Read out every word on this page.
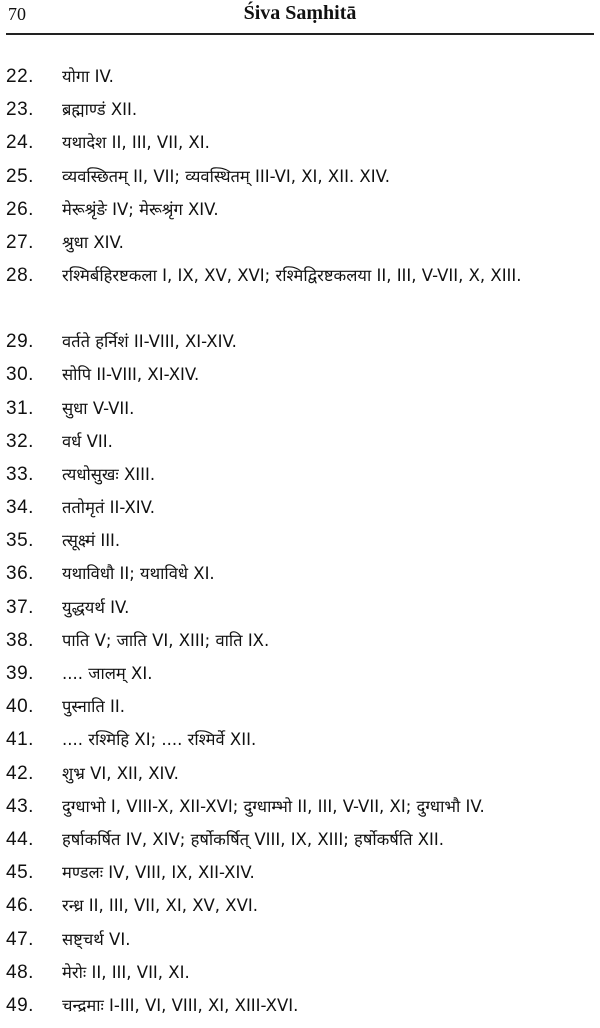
70	Śiva Saṃhitā
22. योगा IV.
23. ब्रह्माण्डं XII.
24. यथादेश II, III, VII, XI.
25. व्यवस्छितम् II, VII; व्यवस्थितम् III-VI, XI, XII. XIV.
26. मेरूश्रृंङे IV; मेरूश्रृंग XIV.
27. श्रुधा XIV.
28. रश्मिर्बहिरष्टकला I, IX, XV, XVI; रश्मिद्विरष्टकलया II, III, V-VII, X, XIII.
29. वर्तते हर्निशं II-VIII, XI-XIV.
30. सोपि II-VIII, XI-XIV.
31. सुधा V-VII.
32. वर्ध VII.
33. त्यधोसुखः XIII.
34. ततोमृतं II-XIV.
35. त्सूक्ष्मं III.
36. यथाविधौ II; यथाविधे XI.
37. युद्धयर्थ IV.
38. पाति V; जाति VI, XIII; वाति IX.
39. .... जालम् XI.
40. पुस्नाति II.
41. .... रश्मिहि XI; .... रश्मिर्वे XII.
42. शुभ्र VI, XII, XIV.
43. दुग्धाभो I, VIII-X, XII-XVI; दुग्धाम्भो II, III, V-VII, XI; दुग्धाभौ IV.
44. हर्षाकर्षित IV, XIV; हर्षोकर्षित् VIII, IX, XIII; हर्षोकर्षति XII.
45. मण्डलः IV, VIII, IX, XII-XIV.
46. रन्ध्र II, III, VII, XI, XV, XVI.
47. सष्ट्चर्थ VI.
48. मेरोः II, III, VII, XI.
49. चन्द्रमाः I-III, VI, VIII, XI, XIII-XVI.
